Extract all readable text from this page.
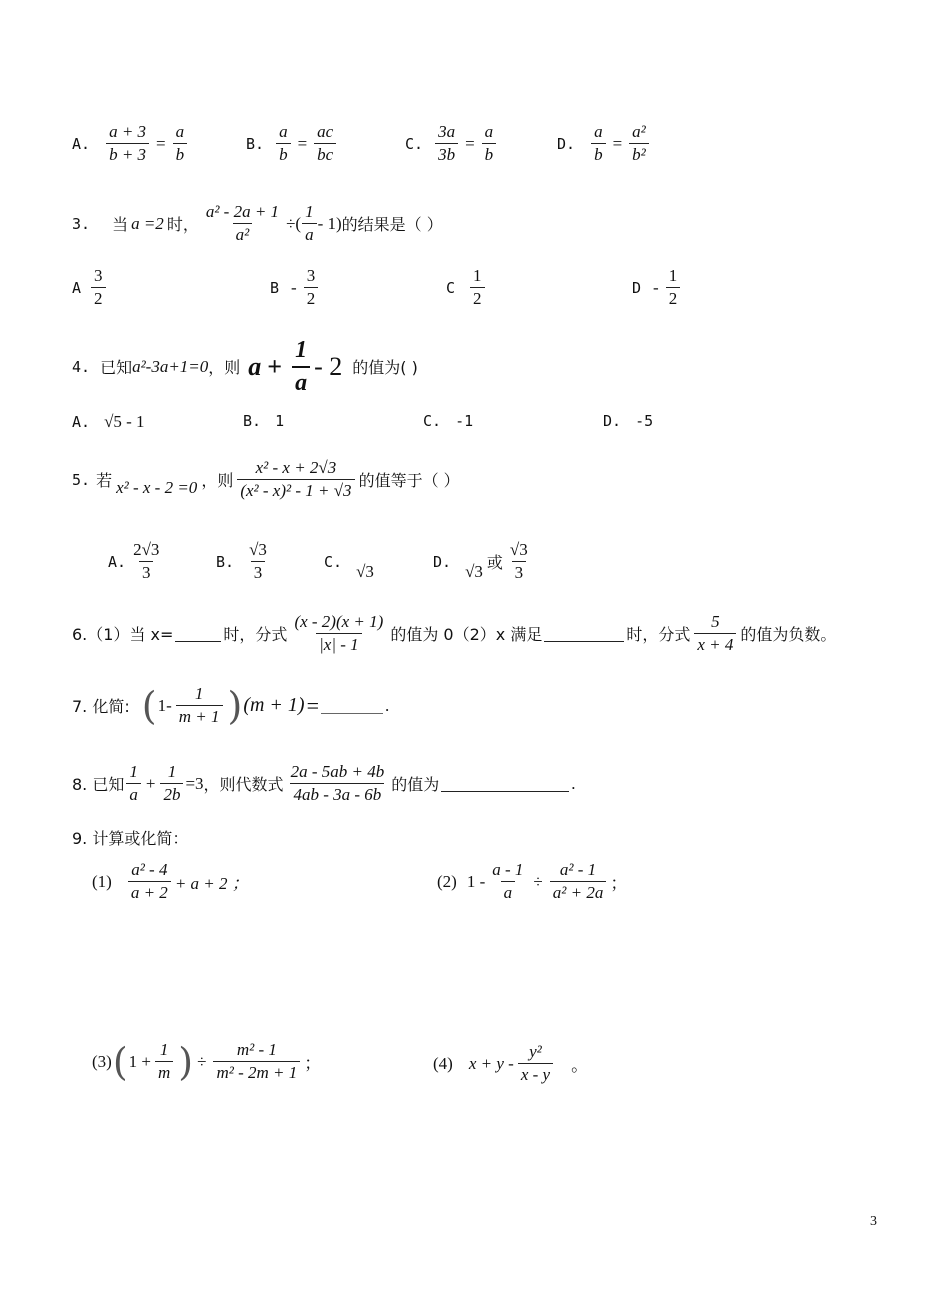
A. $\frac{a + 3}{b + 3} = \frac{a}{b}$	B. $\frac{a}{b} = \frac{ac}{bc}$	C. $\frac{3a}{3b} = \frac{a}{b}$	D. $\frac{a}{b} = \frac{\text{a²}}{\text{b²}}$
3. 当 a =2 时， $\frac{\text{a² - 2a + 1}}{\text{a²}}$ ÷( $\frac{1}{a} - 1$) 的结果是（ ）
A $\frac{3}{2}$	B - $\frac{3}{2}$	C $\frac{1}{2}$	D - $\frac{1}{2}$
4. 已知 a²-3a+1=0 ，则 $a + \frac{1}{a} - 2$ 的值为( )
A. √5 - 1	B. 1	C. -1	D. -5
5. 若 x² - x - 2 =0 ，则 $\frac{\text{x² - x + 2√3}}{\text{(x² - x)² - 1 + √3}}$ 的值等于（ ）
A. $\frac{2√3}{3}$	B. $\frac{√3}{3}$	C. √3
D. √3 或 $\frac{√3}{3}$
6.（1）当 x=	时，分式 $\frac{(x - 2)(x + 1)}{|x| - 1}$ 的值为 0（2）x 满足	时，分式 $\frac{5}{x + 4}$ 的值为负数。
7. 化简: ( $1- \frac{1}{m + 1}$ ) (m + 1) =	.
8. 已知 $\frac{1}{a} + \frac{1}{2b} =3$ ，则代数式 $\frac{2a - 5ab + 4b}{4ab - 3a - 6b}$ 的值为	.
9. 计算或化简：
$(1) \frac{\text{a² - 4}}{a + 2} + a + 2$ ；	(2) $1 - \frac{a - 1}{a} \div \frac{\text{a² - 1}}{\text{a² + 2a}}$ ；
(3) ( $1 + \frac{1}{m}$ ) ÷ $\frac{\text{m² - 1}}{\text{m² - 2m + 1}}$ ；	(4) $x + y - \frac{\text{y²}}{x - y}$ 。
3
